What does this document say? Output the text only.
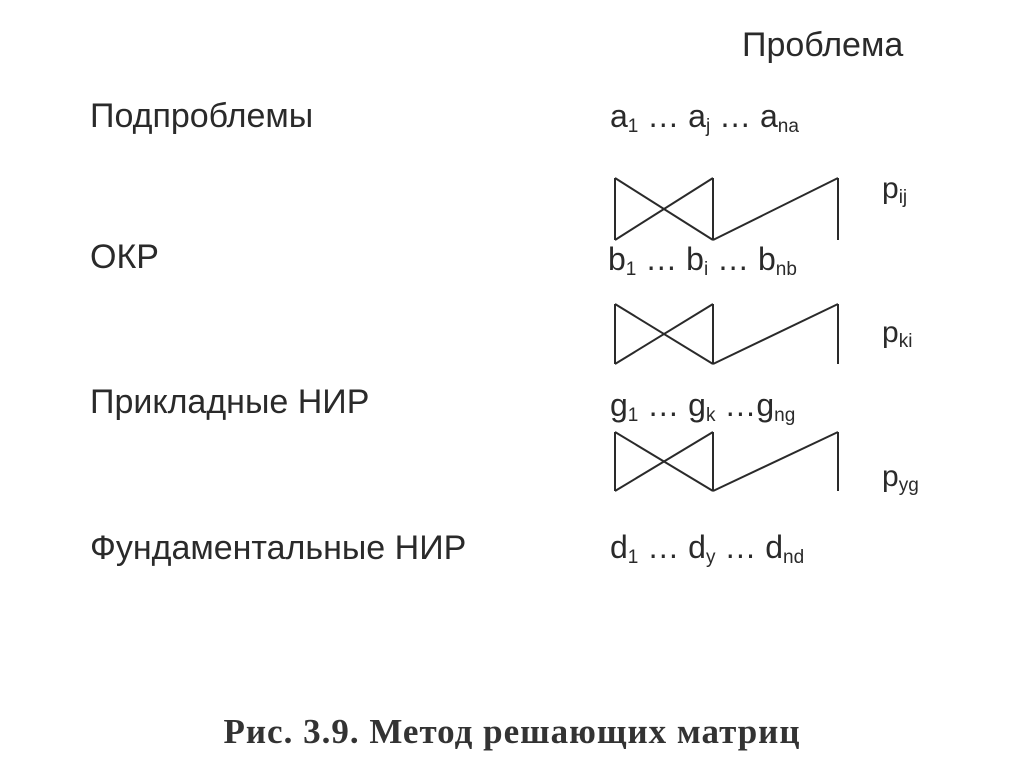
Проблема
Подпроблемы
ОКР
Прикладные НИР
Фундаментальные НИР
$a_1$ … $a_j$ … $a_{na}$
$b_1$ … $b_i$ … $b_{nb}$
$g_1$ … $g_k$ $\dots g_{ng}$
$d_1$ … $d_y$ … $d_{nd}$
$p_{ij}$
$p_{ki}$
$p_{yg}$
Рис. 3.9. Метод решающих матриц
